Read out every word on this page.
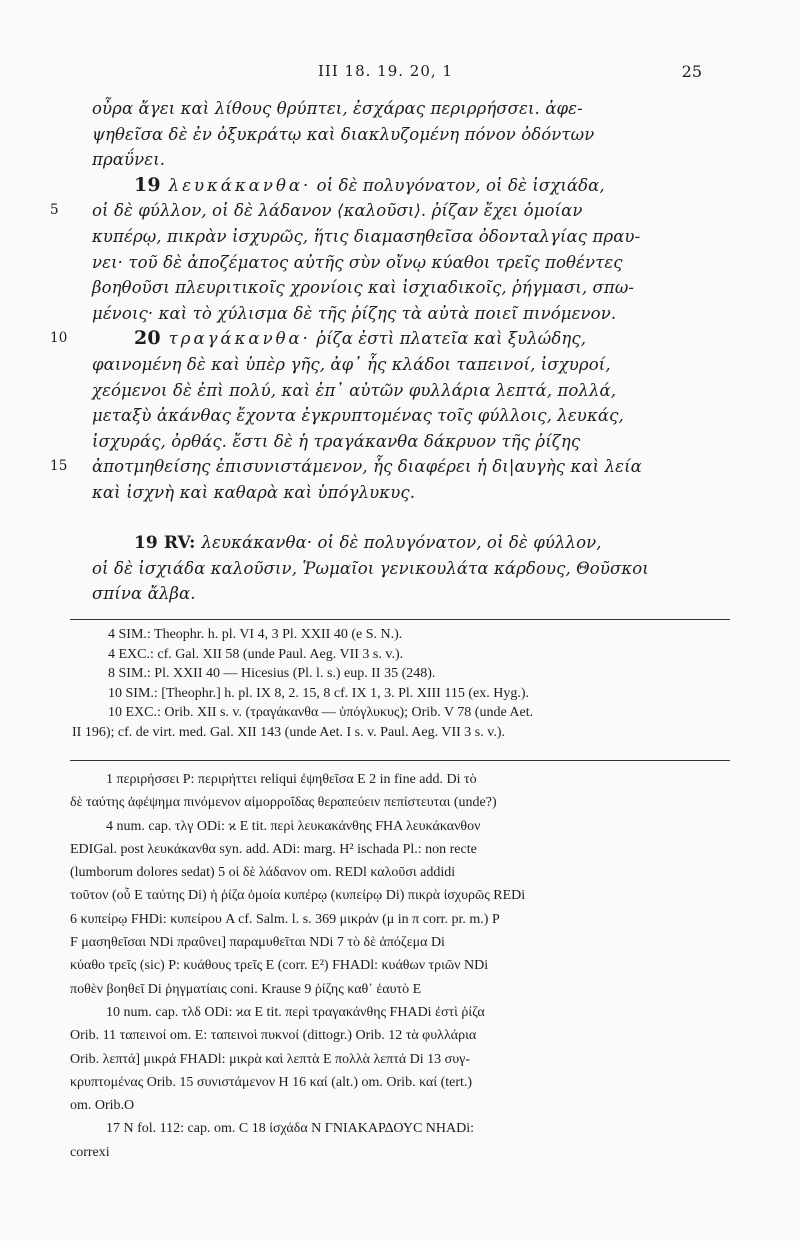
III 18. 19. 20, 1	25
οὖρα ἄγει καὶ λίθους θρύπτει, ἐσχάρας περιρρήσσει. ἀφε-
ψηθεῖσα δὲ ἐν ὀξυκράτῳ καὶ διακλυζομένη πόνον ὀδόντων
πραΰνει.
19 λευκάκανθα· οἱ δὲ πολυγόνατον, οἱ δὲ ἰσχιάδα,
5	οἱ δὲ φύλλον, οἱ δὲ λάδανον ⟨καλοῦσι⟩. ῥίζαν ἔχει ὁμοίαν
κυπέρῳ, πικρὰν ἰσχυρῶς, ἥτις διαμασηθεῖσα ὀδονταλγίας πραυ-
νει· τοῦ δὲ ἀποζέματος αὐτῆς σὺν οἴνῳ κύαθοι τρεῖς ποθέντες
βοηθοῦσι πλευριτικοῖς χρονίοις καὶ ἰσχιαδικοῖς, ῥήγμασι, σπω-
μένοις· καὶ τὸ χύλισμα δὲ τῆς ῥίζης τὰ αὐτὰ ποιεῖ πινόμενον.
10	20 τραγάκανθα· ῥίζα ἐστὶ πλατεῖα καὶ ξυλώδης,
φαινομένη δὲ καὶ ὑπὲρ γῆς, ἀφ᾿ ἧς κλάδοι ταπεινοί, ἰσχυροί,
χεόμενοι δὲ ἐπὶ πολύ, καὶ ἐπ᾿ αὐτῶν φυλλάρια λεπτά, πολλά,
μεταξὺ ἀκάνθας ἔχοντα ἐγκρυπτομένας τοῖς φύλλοις, λευκάς,
ἰσχυράς, ὀρθάς. ἔστι δὲ ἡ τραγάκανθα δάκρυον τῆς ῥίζης
15 ἀποτμηθείσης ἐπισυνιστάμενον, ἧς διαφέρει ἡ δι|αυγὴς καὶ λεία
καὶ ἰσχνὴ καὶ καθαρὰ καὶ ὑπόγλυκυς.
19 RV: λευκάκανθα· οἱ δὲ πολυγόνατον, οἱ δὲ φύλλον,
οἱ δὲ ἰσχιάδα καλοῦσιν, Ῥωμαῖοι γενικουλάτα κάρδους, Θοῦσκοι
σπίνα ἄλβα.
4 SIM.: Theophr. h. pl. VI 4, 3 Pl. XXII 40 (e S. N.).
4 EXC.: cf. Gal. XII 58 (unde Paul. Aeg. VII 3 s. v.).
8 SIM.: Pl. XXII 40 — Hicesius (Pl. l. s.) eup. II 35 (248).
10 SIM.: [Theophr.] h. pl. IX 8, 2. 15, 8 cf. IX 1, 3. Pl. XIII 115 (ex. Hyg.).
10 EXC.: Orib. XII s. v. (τραγάκανθα — ὑπόγλυκυς); Orib. V 78 (unde Aet.
II 196); cf. de virt. med. Gal. XII 143 (unde Aet. I s. v. Paul. Aeg. VII 3 s. v.).
1 περιρήσσει P: περιρήττει reliqui ἐψηθεῖσα E 2 in fine add. Di τὸ
δὲ ταύτης ἀφέψημα πινόμενον αἱμορροΐδας θεραπεύειν πεπίστευται (unde?)
4 num. cap. τλγ ODi: ϰ E tit. περὶ λευκακάνθης FHA λευκάκανθον
EDIGal. post λευκάκανθα syn. add. ADi: marg. H² ischada Pl.: non recte
(lumborum dolores sedat) 5 οἱ δὲ λάδανον om. REDl καλοῦσι addidi
τοῦτον (οὗ E ταύτης Di) ἡ ῥίζα ὁμοία κυπέρῳ (κυπείρῳ Di) πικρὰ ἰσχυρῶς REDi
6 κυπείρῳ FHDi: κυπείρου A cf. Salm. l. s. 369 μικράν (μ in π corr. pr. m.) P
F μασηθεῖσαι NDi πραΰνει] παραμυθεῖται NDi 7 τὸ δὲ ἀπόζεμα Di
κύαθο τρεῖς (sic) P: κυάθους τρεῖς E (corr. E²) FHADl: κυάθων τριῶν NDi
ποθὲν βοηθεῖ Di ῥηγματίαις coni. Krause 9 ῥίζης καθ᾿ ἑαυτὸ E
10 num. cap. τλδ ODi: ϰα E tit. περὶ τραγακάνθης FHADi ἐστὶ ῥίζα
Orib. 11 ταπεινοί om. E: ταπεινοὶ πυκνοί (dittogr.) Orib. 12 τὰ φυλλάρια
Orib. λεπτά] μικρά FHADl: μικρὰ καὶ λεπτὰ E πολλὰ λεπτά Di 13 συγ-
κρυπτομένας Orib. 15 συνιστάμενον H 16 καί (alt.) om. Orib. καί (tert.)
om. Orib.O
17 N fol. 112: cap. om. C 18 ἰσχάδα N ΓΝΙΑΚΑΡΔΟΥϹ NHADi:
correxi
